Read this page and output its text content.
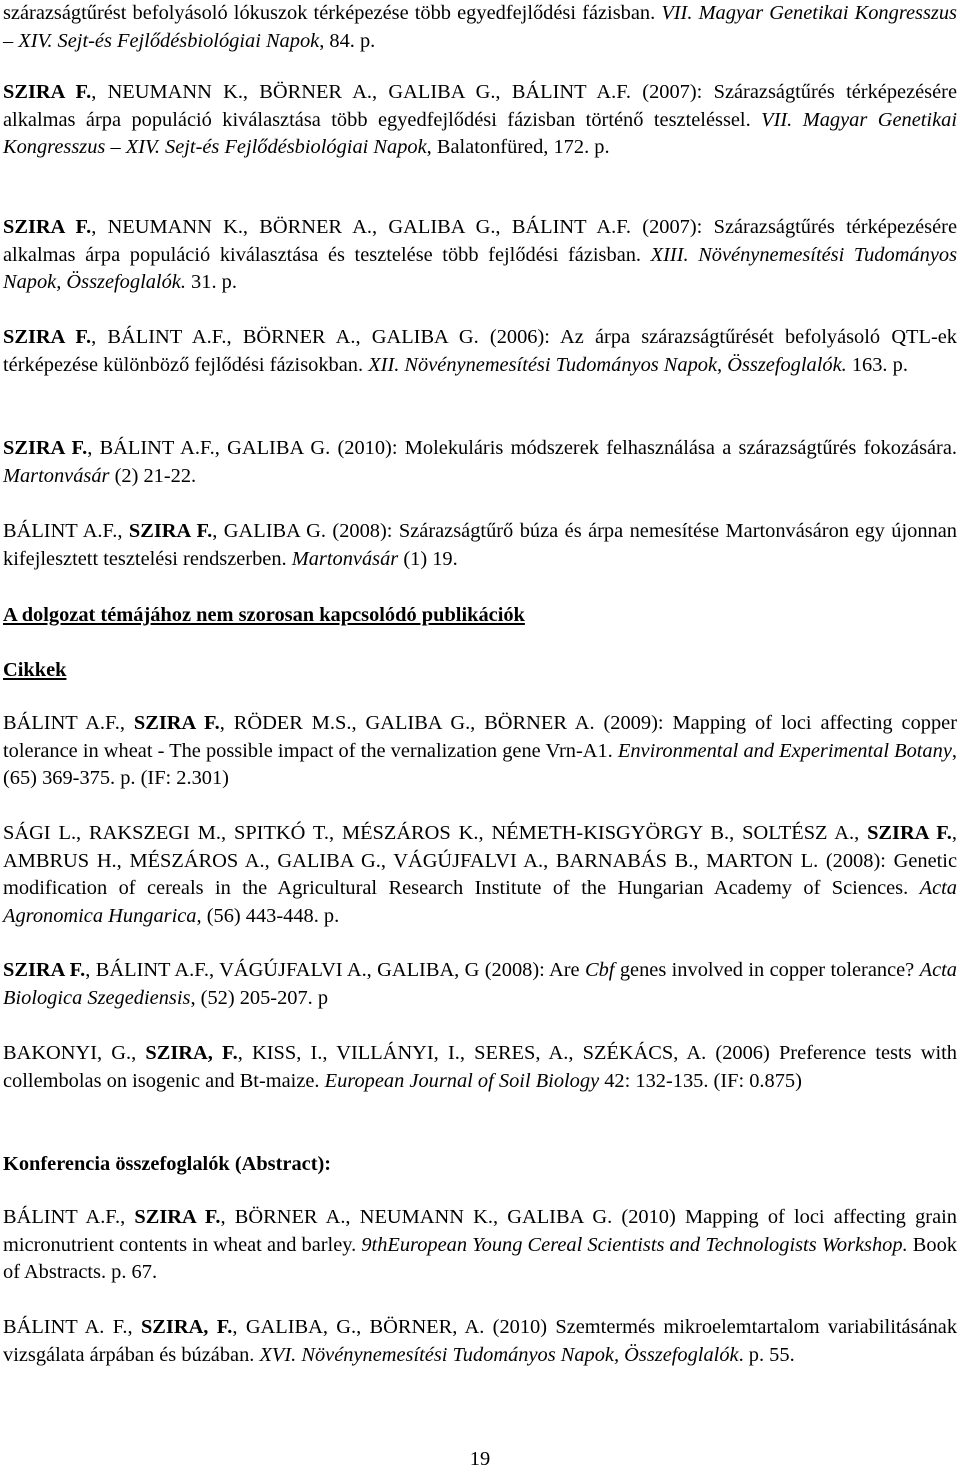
szárazságtűrést befolyásoló lókuszok térképezése több egyedfejlődési fázisban. VII. Magyar Genetikai Kongresszus – XIV. Sejt-és Fejlődésbiológiai Napok, 84. p.

SZIRA F., NEUMANN K., BÖRNER A., GALIBA G., BÁLINT A.F. (2007): Szárazságtűrés térképezésére alkalmas árpa populáció kiválasztása több egyedfejlődési fázisban történő teszteléssel. VII. Magyar Genetikai Kongresszus – XIV. Sejt-és Fejlődésbiológiai Napok, Balatonfüred, 172. p.

SZIRA F., NEUMANN K., BÖRNER A., GALIBA G., BÁLINT A.F. (2007): Szárazságtűrés térképezésére alkalmas árpa populáció kiválasztása és tesztelése több fejlődési fázisban. XIII. Növénynemesítési Tudományos Napok, Összefoglalók. 31. p.

SZIRA F., BÁLINT A.F., BÖRNER A., GALIBA G. (2006): Az árpa szárazságtűrését befolyásoló QTL-ek térképezése különböző fejlődési fázisokban. XII. Növénynemesítési Tudományos Napok, Összefoglalók. 163. p.

SZIRA F., BÁLINT A.F., GALIBA G. (2010): Molekuláris módszerek felhasználása a szárazságtűrés fokozására. Martonvásár (2) 21-22.

BÁLINT A.F., SZIRA F., GALIBA G. (2008): Szárazságtűrő búza és árpa nemesítése Martonvásáron egy újonnan kifejlesztett tesztelési rendszerben. Martonvásár (1) 19.

A dolgozat témájához nem szorosan kapcsolódó publikációk

Cikkek

BÁLINT A.F., SZIRA F., RÖDER M.S., GALIBA G., BÖRNER A. (2009): Mapping of loci affecting copper tolerance in wheat - The possible impact of the vernalization gene Vrn-A1. Environmental and Experimental Botany, (65) 369-375. p. (IF: 2.301)

SÁGI L., RAKSZEGI M., SPITKÓ T., MÉSZÁROS K., NÉMETH-KISGYÖRGY B., SOLTÉSZ A., SZIRA F., AMBRUS H., MÉSZÁROS A., GALIBA G., VÁGÚJFALVI A., BARNABÁS B., MARTON L. (2008): Genetic modification of cereals in the Agricultural Research Institute of the Hungarian Academy of Sciences. Acta Agronomica Hungarica, (56) 443-448. p.

SZIRA F., BÁLINT A.F., VÁGÚJFALVI A., GALIBA, G (2008): Are Cbf genes involved in copper tolerance? Acta Biologica Szegediensis, (52) 205-207. p

BAKONYI, G., SZIRA, F., KISS, I., VILLÁNYI, I., SERES, A., SZÉKÁCS, A. (2006) Preference tests with collembolas on isogenic and Bt-maize. European Journal of Soil Biology 42: 132-135. (IF: 0.875)

Konferencia összefoglalók (Abstract):

BÁLINT A.F., SZIRA F., BÖRNER A., NEUMANN K., GALIBA G. (2010) Mapping of loci affecting grain micronutrient contents in wheat and barley. 9thEuropean Young Cereal Scientists and Technologists Workshop. Book of Abstracts. p. 67.

BÁLINT A. F., SZIRA, F., GALIBA, G., BÖRNER, A. (2010) Szemtermés mikroelemtartalom variabilitásának vizsgálata árpában és búzában. XVI. Növénynemesítési Tudományos Napok, Összefoglalók. p. 55.

19
